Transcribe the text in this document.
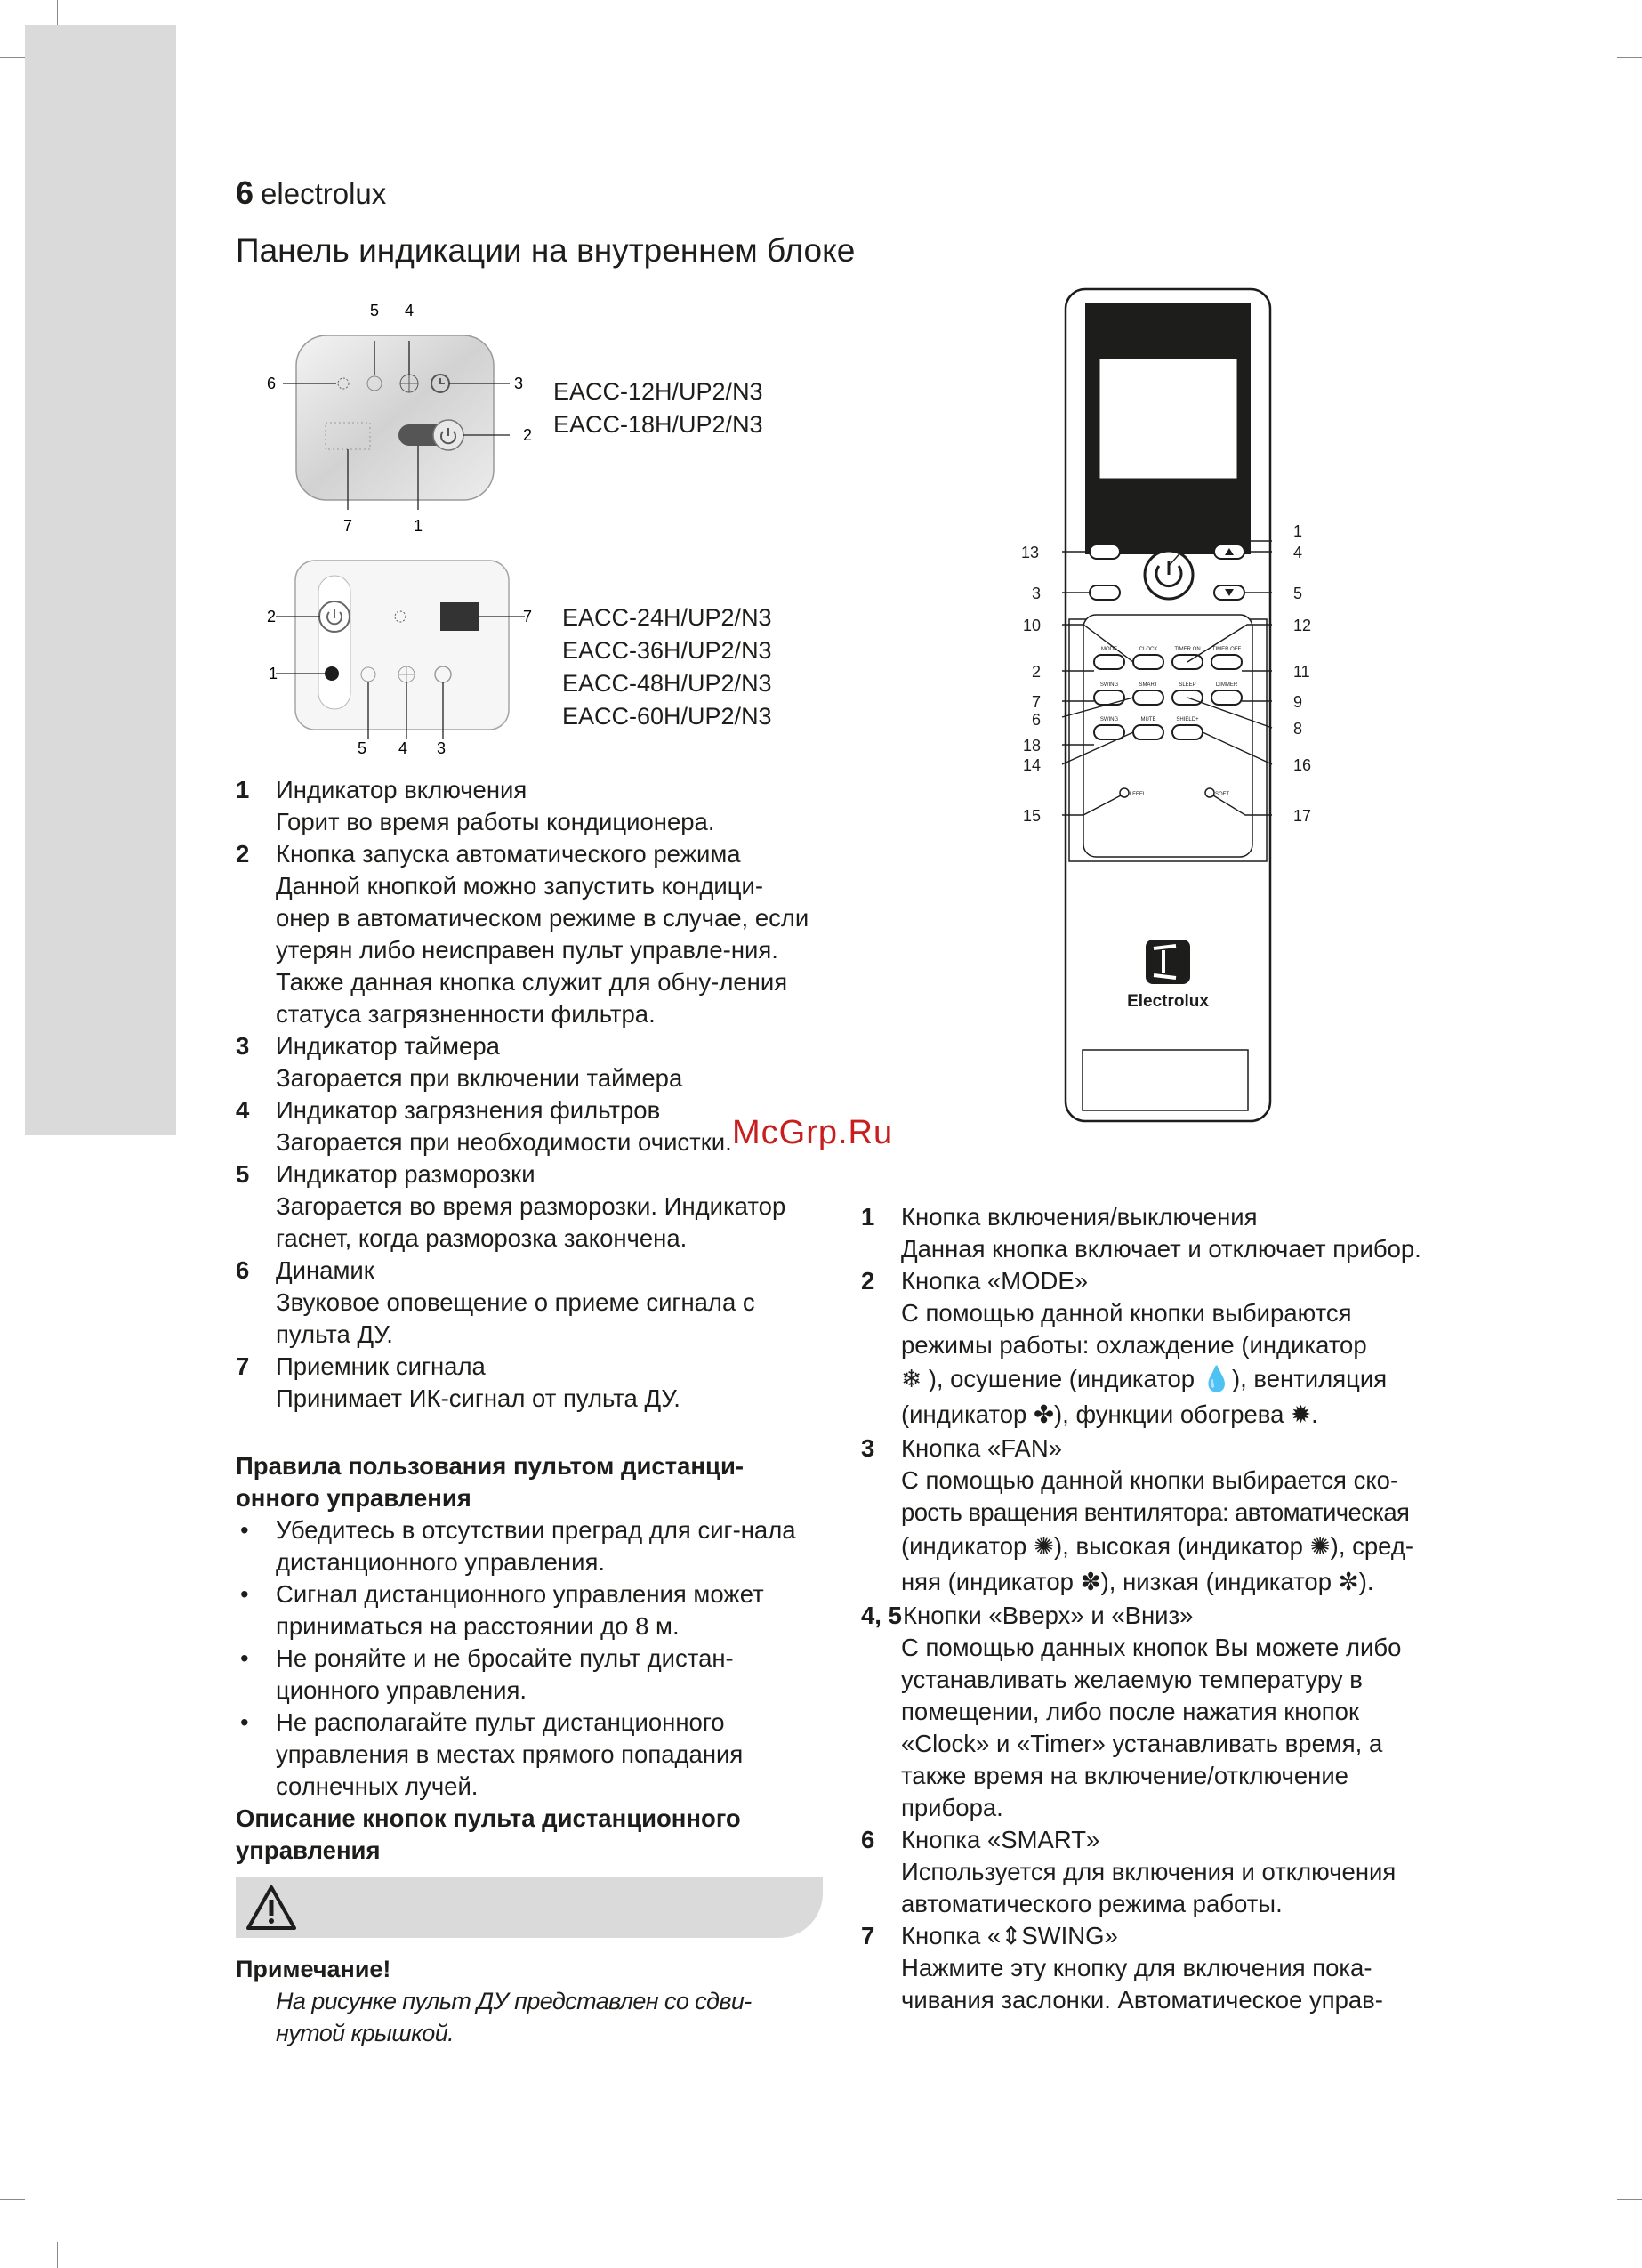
6 electrolux
Панель индикации на внутреннем блоке
5 4
6	3
2
7	1
EACC-12H/UP2/N3
EACC-18H/UP2/N3
2	7
1
5 4 3
EACC-24H/UP2/N3
EACC-36H/UP2/N3
EACC-48H/UP2/N3
EACC-60H/UP2/N3
1 Индикатор включения
Горит во время работы кондиционера.
2 Кнопка запуска автоматического режима
Данной кнопкой можно запустить кондици-онер в автоматическом режиме в случае, если утерян либо неисправен пульт управле-ния. Также данная кнопка служит для обну-ления статуса загрязненности фильтра.
3 Индикатор таймера
Загорается при включении таймера
4 Индикатор загрязнения фильтров
Загорается при необходимости очистки.
5 Индикатор разморозки
Загорается во время разморозки. Индикатор гаснет, когда разморозка закончена.
6 Динамик
Звуковое оповещение о приеме сигнала с пульта ДУ.
7 Приемник сигнала
Принимает ИК-сигнал от пульта ДУ.
Правила пользования пультом дистанци-онного управления
• Убедитесь в отсутствии преград для сиг-нала дистанционного управления.
• Сигнал дистанционного управления может приниматься на расстоянии до 8 м.
• Не роняйте и не бросайте пульт дистан-ционного управления.
• Не располагайте пульт дистанционного управления в местах прямого попадания солнечных лучей.
Описание кнопок пульта дистанционного управления
Примечание!
На рисунке пульт ДУ представлен со сдви-нутой крышкой.
MODE	CLOCK	TIMER ON TIMER OFF
SWING	SMART	SLEEP	DIMMER
SWING	MUTE	SHIELD+
I FEEL	SOFT
Electrolux
13
3
10
2
7
6
18
14
15
1
4
5
12
11
9
8
16
17
McGrp.Ru
1 Кнопка включения/выключения
Данная кнопка включает и отключает прибор.
2 Кнопка «MODE»
С помощью данной кнопки выбираются
режимы работы: охлаждение (индикатор
❄ ), осушение (индикатор 💧), вентиляция
(индикатор ✤), функции обогрева ✹.
3 Кнопка «FAN»
С помощью данной кнопки выбирается ско-
рость вращения вентилятора: автоматическая
(индикатор ✺), высокая (индикатор ✺), сред-
няя (индикатор ✽), низкая (индикатор ✼).
4, 5 Кнопки «Вверх» и «Вниз»
С помощью данных кнопок Вы можете либо устанавливать желаемую температуру в помещении, либо после нажатия кнопок «Clock» и «Timer» устанавливать время, а также время на включение/отключение прибора.
6 Кнопка «SMART»
Используется для включения и отключения автоматического режима работы.
7 Кнопка «⇕SWING»
Нажмите эту кнопку для включения пока-чивания заслонки. Автоматическое управ-
